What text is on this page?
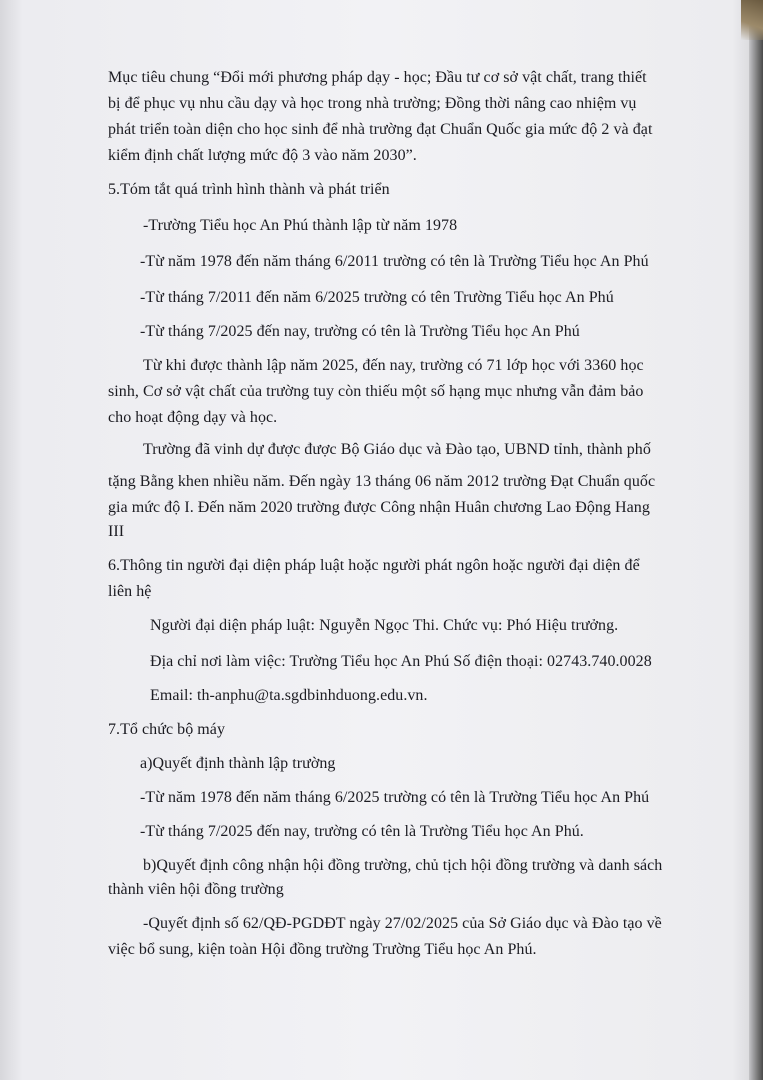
Mục tiêu chung “Đổi mới phương pháp dạy - học; Đầu tư cơ sở vật chất, trang thiết

bị để phục vụ nhu cầu dạy và học trong nhà trường; Đồng thời nâng cao nhiệm vụ

phát triển toàn diện cho học sinh để nhà trường đạt Chuẩn Quốc gia mức độ 2 và đạt

kiểm định chất lượng mức độ 3 vào năm 2030”.

5.Tóm tắt quá trình hình thành và phát triển

-Trường Tiểu học An Phú thành lập từ năm 1978

-Từ năm 1978 đến năm tháng 6/2011 trường có tên là Trường Tiểu học An Phú

-Từ tháng 7/2011 đến năm 6/2025 trường có tên Trường Tiểu học An Phú

-Từ tháng 7/2025 đến nay, trường có tên là Trường Tiểu học An Phú

Từ khi được thành lập năm 2025, đến nay, trường có 71 lớp học với 3360 học

sinh, Cơ sở vật chất của trường tuy còn thiếu một số hạng mục nhưng vẫn đảm bảo

cho hoạt động dạy và học.

Trường đã vinh dự được được Bộ Giáo dục và Đào tạo, UBND tỉnh, thành phố

tặng Bằng khen nhiều năm. Đến ngày 13 tháng 06 năm 2012 trường Đạt Chuẩn quốc

gia mức độ I. Đến năm 2020 trường được Công nhận Huân chương Lao Động Hang

III

6.Thông tin người đại diện pháp luật hoặc người phát ngôn hoặc người đại diện để

liên hệ

Người đại diện pháp luật: Nguyễn Ngọc Thi. Chức vụ: Phó Hiệu trưởng.

Địa chỉ nơi làm việc: Trường Tiểu học An Phú Số điện thoại: 02743.740.0028

Email: th-anphu@ta.sgdbinhduong.edu.vn.

7.Tổ chức bộ máy

a)Quyết định thành lập trường

-Từ năm 1978 đến năm tháng 6/2025 trường có tên là Trường Tiểu học An Phú

-Từ tháng 7/2025 đến nay, trường có tên là Trường Tiểu học An Phú.

b)Quyết định công nhận hội đồng trường, chủ tịch hội đồng trường và danh sách

thành viên hội đồng trường

-Quyết định số 62/QĐ-PGDĐT ngày 27/02/2025 của Sở Giáo dục và Đào tạo về

việc bổ sung, kiện toàn Hội đồng trường Trường Tiểu học An Phú.
